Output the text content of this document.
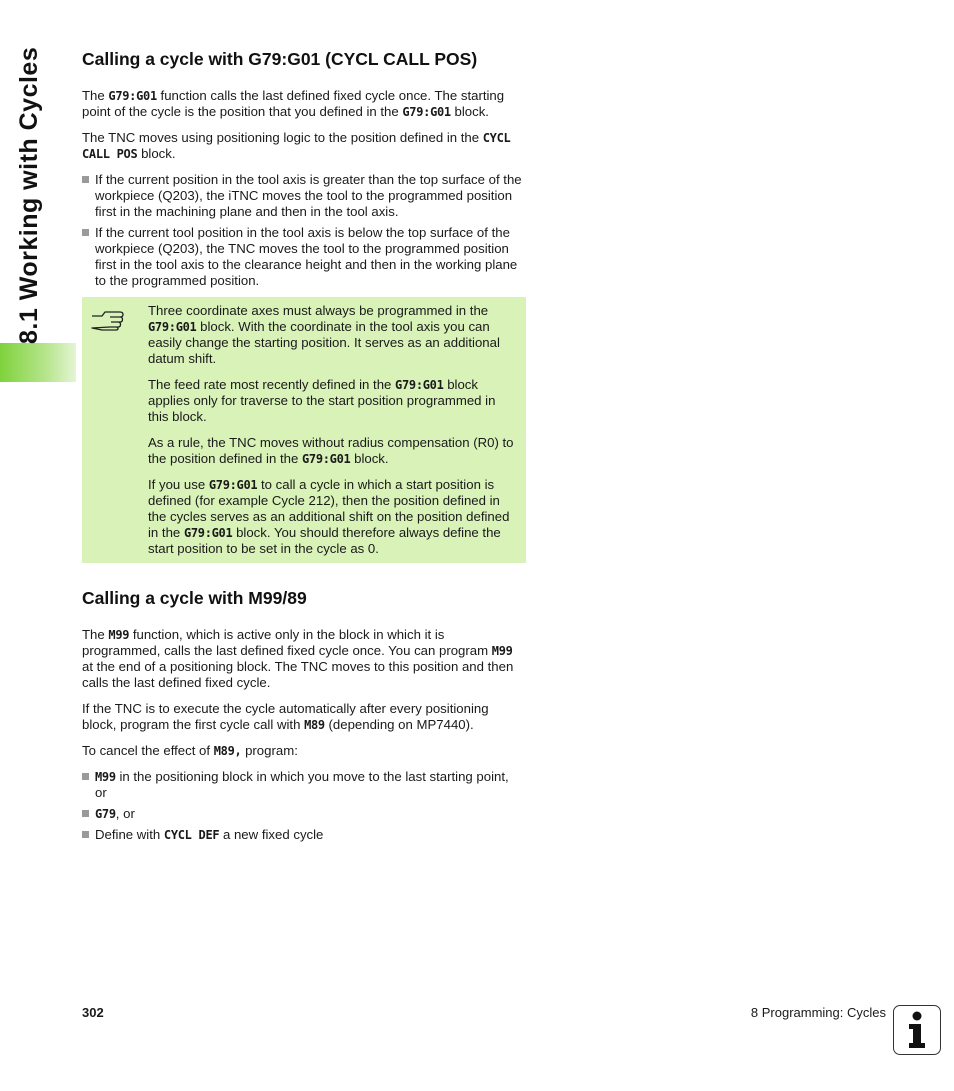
8.1 Working with Cycles Calling a cycle with G79:G01 (CYCL CALL POS)

The G79:G01 function calls the last defined fixed cycle once. The starting point of the cycle is the position that you defined in the G79:G01 block.

The TNC moves using positioning logic to the position defined in the CYCL CALL POS block.

If the current position in the tool axis is greater than the top surface of the workpiece (Q203), the iTNC moves the tool to the programmed position first in the machining plane and then in the tool axis.
If the current tool position in the tool axis is below the top surface of the workpiece (Q203), the TNC moves the tool to the programmed position first in the tool axis to the clearance height and then in the working plane to the programmed position.

Three coordinate axes must always be programmed in the G79:G01 block. With the coordinate in the tool axis you can easily change the starting position. It serves as an additional datum shift.

The feed rate most recently defined in the G79:G01 block applies only for traverse to the start position programmed in this block.

As a rule, the TNC moves without radius compensation (R0) to the position defined in the G79:G01 block.

If you use G79:G01 to call a cycle in which a start position is defined (for example Cycle 212), then the position defined in the cycles serves as an additional shift on the position defined in the G79:G01 block. You should therefore always define the start position to be set in the cycle as 0.

Calling a cycle with M99/89

The M99 function, which is active only in the block in which it is programmed, calls the last defined fixed cycle once. You can program M99 at the end of a positioning block. The TNC moves to this position and then calls the last defined fixed cycle.

If the TNC is to execute the cycle automatically after every positioning block, program the first cycle call with M89 (depending on MP7440).

To cancel the effect of M89, program:

M99 in the positioning block in which you move to the last starting point, or
G79, or
Define with CYCL DEF a new fixed cycle
302	8 Programming: Cycles
